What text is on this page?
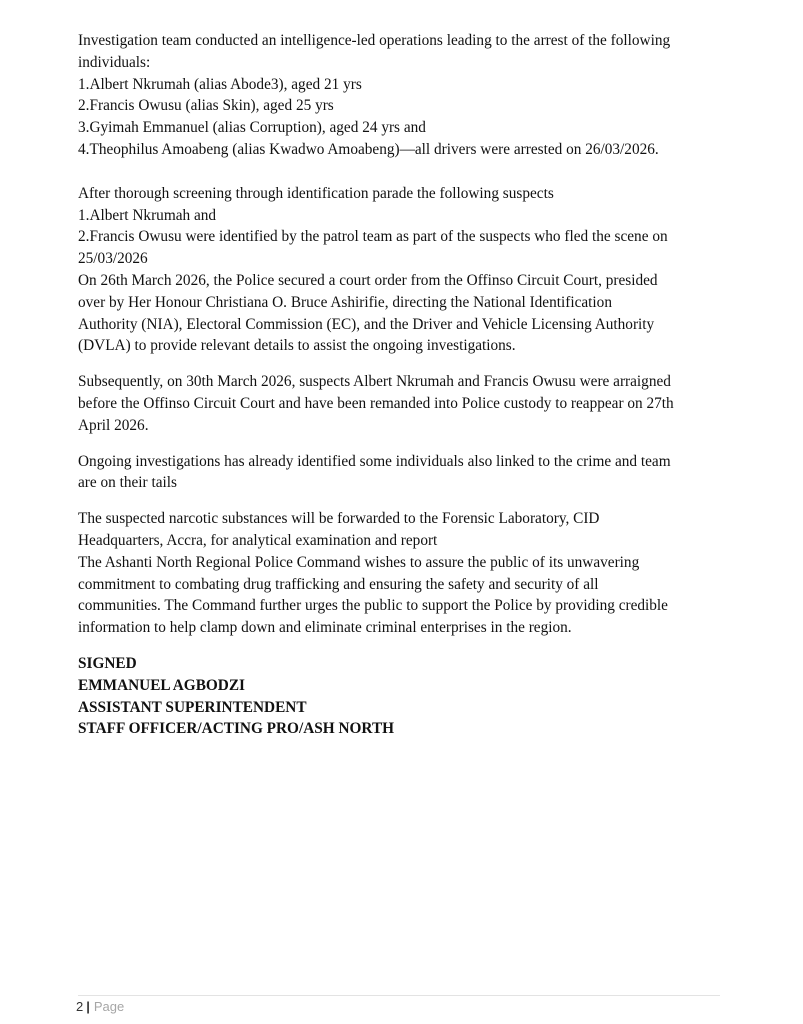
Investigation team conducted an intelligence-led operations leading to the arrest of the following

individuals:

1.Albert Nkrumah (alias Abode3), aged 21 yrs

2.Francis Owusu (alias Skin), aged 25 yrs

3.Gyimah Emmanuel (alias Corruption), aged 24 yrs and

4.Theophilus Amoabeng (alias Kwadwo Amoabeng)—all drivers were arrested on 26/03/2026.

After thorough screening through identification parade the following suspects

1.Albert Nkrumah and

2.Francis Owusu were identified by the patrol team as part of the suspects who fled the scene on

25/03/2026

On 26th March 2026, the Police secured a court order from the Offinso Circuit Court, presided

over by Her Honour Christiana O. Bruce Ashirifie, directing the National Identification

Authority (NIA), Electoral Commission (EC), and the Driver and Vehicle Licensing Authority

(DVLA) to provide relevant details to assist the ongoing investigations.

Subsequently, on 30th March 2026, suspects Albert Nkrumah and Francis Owusu were arraigned

before the Offinso Circuit Court and have been remanded into Police custody to reappear on 27th

April 2026.

Ongoing investigations has already identified some individuals also linked to the crime and team

are on their tails

The suspected narcotic substances will be forwarded to the Forensic Laboratory, CID

Headquarters, Accra, for analytical examination and report

The Ashanti North Regional Police Command wishes to assure the public of its unwavering

commitment to combating drug trafficking and ensuring the safety and security of all

communities. The Command further urges the public to support the Police by providing credible

information to help clamp down and eliminate criminal enterprises in the region.

SIGNED

EMMANUEL AGBODZI

ASSISTANT SUPERINTENDENT

STAFF OFFICER/ACTING PRO/ASH NORTH

2 | Page
